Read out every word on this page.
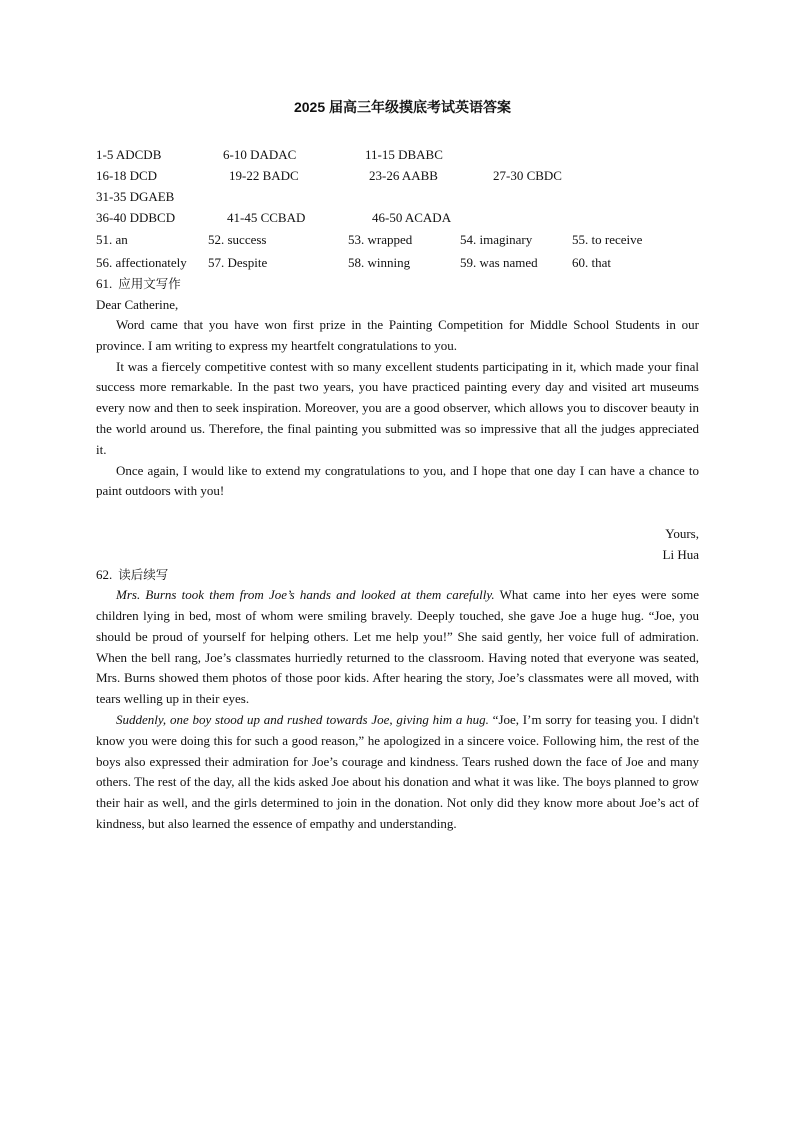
2025 届高三年级摸底考试英语答案
1-5 ADCDB	6-10 DADAC	11-15 DBABC
16-18 DCD	19-22 BADC	23-26 AABB	27-30 CBDC
31-35 DGAEB
36-40 DDBCD	41-45 CCBAD	46-50 ACADA
51. an	52. success	53. wrapped	54. imaginary	55. to receive
56. affectionately 57. Despite	58. winning	59. was named	60. that
61. 应用文写作
Dear Catherine,

Word came that you have won first prize in the Painting Competition for Middle School Students in our province. I am writing to express my heartfelt congratulations to you.

It was a fiercely competitive contest with so many excellent students participating in it, which made your final success more remarkable. In the past two years, you have practiced painting every day and visited art museums every now and then to seek inspiration. Moreover, you are a good observer, which allows you to discover beauty in the world around us. Therefore, the final painting you submitted was so impressive that all the judges appreciated it.

Once again, I would like to extend my congratulations to you, and I hope that one day I can have a chance to paint outdoors with you!

Yours,
Li Hua
62. 读后续写

Mrs. Burns took them from Joe’s hands and looked at them carefully. What came into her eyes were some children lying in bed, most of whom were smiling bravely. Deeply touched, she gave Joe a huge hug. “Joe, you should be proud of yourself for helping others. Let me help you!” She said gently, her voice full of admiration. When the bell rang, Joe’s classmates hurriedly returned to the classroom. Having noted that everyone was seated, Mrs. Burns showed them photos of those poor kids. After hearing the story, Joe’s classmates were all moved, with tears welling up in their eyes.

Suddenly, one boy stood up and rushed towards Joe, giving him a hug. “Joe, I’m sorry for teasing you. I didn't know you were doing this for such a good reason,” he apologized in a sincere voice. Following him, the rest of the boys also expressed their admiration for Joe’s courage and kindness. Tears rushed down the face of Joe and many others. The rest of the day, all the kids asked Joe about his donation and what it was like. The boys planned to grow their hair as well, and the girls determined to join in the donation. Not only did they know more about Joe’s act of kindness, but also learned the essence of empathy and understanding.
